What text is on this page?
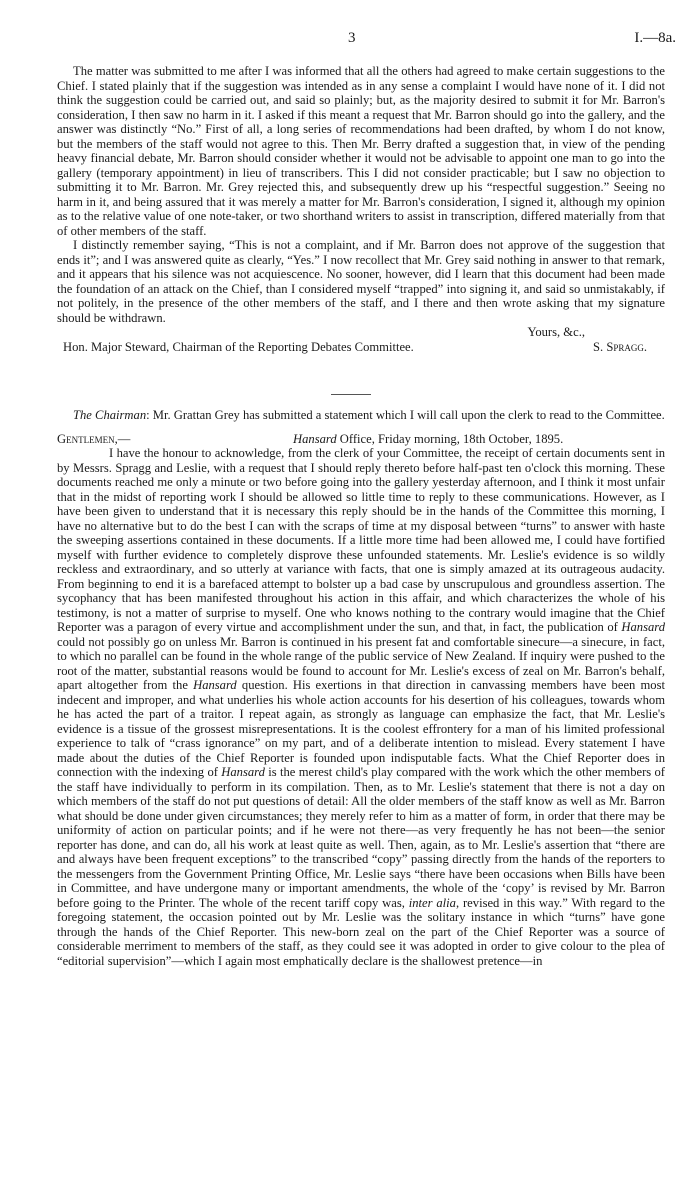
3	I.—8a.

The matter was submitted to me after I was informed that all the others had agreed to make certain suggestions to the Chief. I stated plainly that if the suggestion was intended as in any sense a complaint I would have none of it. I did not think the suggestion could be carried out, and said so plainly; but, as the majority desired to submit it for Mr. Barron's consideration, I then saw no harm in it. I asked if this meant a request that Mr. Barron should go into the gallery, and the answer was distinctly “No.” First of all, a long series of recommendations had been drafted, by whom I do not know, but the members of the staff would not agree to this. Then Mr. Berry drafted a suggestion that, in view of the pending heavy financial debate, Mr. Barron should consider whether it would not be advisable to appoint one man to go into the gallery (temporary appointment) in lieu of transcribers. This I did not consider practicable; but I saw no objection to submitting it to Mr. Barron. Mr. Grey rejected this, and subsequently drew up his “respectful suggestion.” Seeing no harm in it, and being assured that it was merely a matter for Mr. Barron's consideration, I signed it, although my opinion as to the relative value of one note-taker, or two shorthand writers to assist in transcription, differed materially from that of other members of the staff.

I distinctly remember saying, “This is not a complaint, and if Mr. Barron does not approve of the suggestion that ends it”; and I was answered quite as clearly, “Yes.” I now recollect that Mr. Grey said nothing in answer to that remark, and it appears that his silence was not acquiescence. No sooner, however, did I learn that this document had been made the foundation of an attack on the Chief, than I considered myself “trapped” into signing it, and said so unmistakably, if not politely, in the presence of the other members of the staff, and I there and then wrote asking that my signature should be withdrawn.

Yours, &c.,

Hon. Major Steward, Chairman of the Reporting Debates Committee.	S. Spragg.

The Chairman: Mr. Grattan Grey has submitted a statement which I will call upon the clerk to read to the Committee.

Gentlemen,—	Hansard Office, Friday morning, 18th October, 1895.

I have the honour to acknowledge, from the clerk of your Committee, the receipt of certain documents sent in by Messrs. Spragg and Leslie, with a request that I should reply thereto before half-past ten o'clock this morning. These documents reached me only a minute or two before going into the gallery yesterday afternoon, and I think it most unfair that in the midst of reporting work I should be allowed so little time to reply to these communications. However, as I have been given to understand that it is necessary this reply should be in the hands of the Committee this morning, I have no alternative but to do the best I can with the scraps of time at my disposal between “turns” to answer with haste the sweeping assertions contained in these documents. If a little more time had been allowed me, I could have fortified myself with further evidence to completely disprove these unfounded statements. Mr. Leslie's evidence is so wildly reckless and extraordinary, and so utterly at variance with facts, that one is simply amazed at its outrageous audacity. From beginning to end it is a barefaced attempt to bolster up a bad case by unscrupulous and groundless assertion. The sycophancy that has been manifested throughout his action in this affair, and which characterizes the whole of his testimony, is not a matter of surprise to myself. One who knows nothing to the contrary would imagine that the Chief Reporter was a paragon of every virtue and accomplishment under the sun, and that, in fact, the publication of Hansard could not possibly go on unless Mr. Barron is continued in his present fat and comfortable sinecure—a sinecure, in fact, to which no parallel can be found in the whole range of the public service of New Zealand. If inquiry were pushed to the root of the matter, substantial reasons would be found to account for Mr. Leslie's excess of zeal on Mr. Barron's behalf, apart altogether from the Hansard question. His exertions in that direction in canvassing members have been most indecent and improper, and what underlies his whole action accounts for his desertion of his colleagues, towards whom he has acted the part of a traitor. I repeat again, as strongly as language can emphasize the fact, that Mr. Leslie's evidence is a tissue of the grossest misrepresentations. It is the coolest effrontery for a man of his limited professional experience to talk of “crass ignorance” on my part, and of a deliberate intention to mislead. Every statement I have made about the duties of the Chief Reporter is founded upon indisputable facts. What the Chief Reporter does in connection with the indexing of Hansard is the merest child's play compared with the work which the other members of the staff have individually to perform in its compilation. Then, as to Mr. Leslie's statement that there is not a day on which members of the staff do not put questions of detail: All the older members of the staff know as well as Mr. Barron what should be done under given circumstances; they merely refer to him as a matter of form, in order that there may be uniformity of action on particular points; and if he were not there—as very frequently he has not been—the senior reporter has done, and can do, all his work at least quite as well. Then, again, as to Mr. Leslie's assertion that “there are and always have been frequent exceptions” to the transcribed “copy” passing directly from the hands of the reporters to the messengers from the Government Printing Office, Mr. Leslie says “there have been occasions when Bills have been in Committee, and have undergone many or important amendments, the whole of the ‘copy’ is revised by Mr. Barron before going to the Printer. The whole of the recent tariff copy was, inter alia, revised in this way.” With regard to the foregoing statement, the occasion pointed out by Mr. Leslie was the solitary instance in which “turns” have gone through the hands of the Chief Reporter. This new-born zeal on the part of the Chief Reporter was a source of considerable merriment to members of the staff, as they could see it was adopted in order to give colour to the plea of “editorial supervision”—which I again most emphatically declare is the shallowest pretence—in
